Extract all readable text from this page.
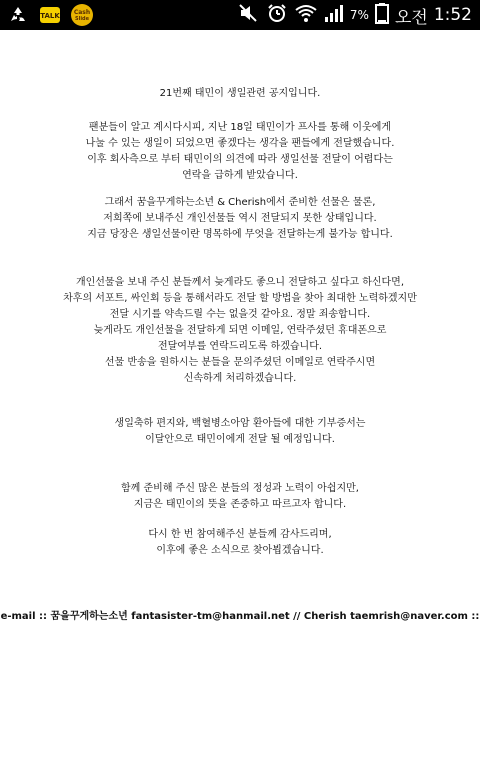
TALK Cash
Slide	7% 오전 1:52
21번째 태민이 생일관련 공지입니다.
팬분들이 알고 계시다시피, 지난 18일 태민이가 프사를 통해 이웃에게
나눌 수 있는 생일이 되었으면 좋겠다는 생각을 팬들에게 전달했습니다.
이후 회사측으로 부터 태민이의 의견에 따라 생일선물 전달이 어렵다는
연락을 급하게 받았습니다.
그래서 꿈을꾸게하는소년 & Cherish에서 준비한 선물은 물론,
저희쪽에 보내주신 개인선물들 역시 전달되지 못한 상태입니다.
지금 당장은 생일선물이란 명목하에 무엇을 전달하는게 불가능 합니다.
개인선물을 보내 주신 분들께서 늦게라도 좋으니 전달하고 싶다고 하신다면,
차후의 서포트, 싸인회 등을 통해서라도 전달 할 방법을 찾아 최대한 노력하겠지만
전달 시기를 약속드릴 수는 없을것 같아요. 정말 죄송합니다.
늦게라도 개인선물을 전달하게 되면 이메일, 연락주셨던 휴대폰으로
전달여부를 연락드리도록 하겠습니다.
선물 반송을 원하시는 분들을 문의주셨던 이메일로 연락주시면
신속하게 처리하겠습니다.
생일축하 편지와, 백혈병소아암 환아들에 대한 기부증서는
이달안으로 태민이에게 전달 될 예정입니다.
함께 준비해 주신 많은 분들의 정성과 노력이 아쉽지만,
지금은 태민이의 뜻을 존중하고 따르고자 합니다.
다시 한 번 참여해주신 분들께 감사드리며,
이후에 좋은 소식으로 찾아뵙겠습니다.
e-mail :: 꿈을꾸게하는소년 fantasister-tm@hanmail.net // Cherish taemrish@naver.com ::
